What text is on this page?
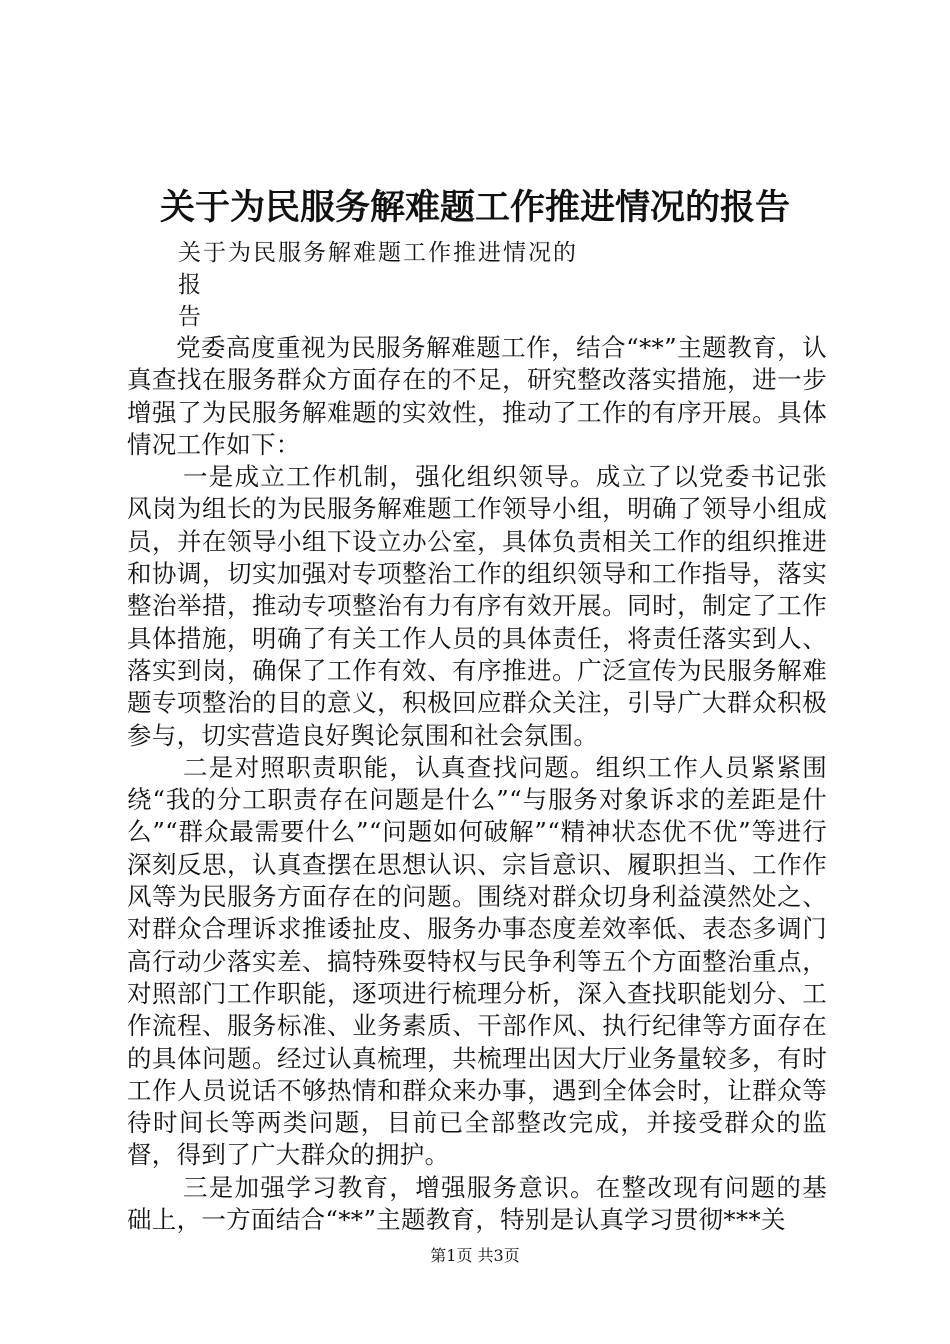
关于为民服务解难题工作推进情况的报告
关于为民服务解难题工作推进情况的
报
告

党委高度重视为民服务解难题工作，结合“**”主题教育，认真查找在服务群众方面存在的不足，研究整改落实措施，进一步增强了为民服务解难题的实效性，推动了工作的有序开展。具体情况工作如下：

一是成立工作机制，强化组织领导。成立了以党委书记张风岗为组长的为民服务解难题工作领导小组，明确了领导小组成员，并在领导小组下设立办公室，具体负责相关工作的组织推进和协调，切实加强对专项整治工作的组织领导和工作指导，落实整治举措，推动专项整治有力有序有效开展。同时，制定了工作具体措施，明确了有关工作人员的具体责任，将责任落实到人、落实到岗，确保了工作有效、有序推进。广泛宣传为民服务解难题专项整治的目的意义，积极回应群众关注，引导广大群众积极参与，切实营造良好舆论氛围和社会氛围。

二是对照职责职能，认真查找问题。组织工作人员紧紧围绕“我的分工职责存在问题是什么”“与服务对象诉求的差距是什么”“群众最需要什么”“问题如何破解”“精神状态优不优”等进行深刻反思，认真查摆在思想认识、宗旨意识、履职担当、工作作风等为民服务方面存在的问题。围绕对群众切身利益漠然处之、对群众合理诉求推诿扯皮、服务办事态度差效率低、表态多调门高行动少落实差、搞特殊耍特权与民争利等五个方面整治重点，对照部门工作职能，逐项进行梳理分析，深入查找职能划分、工作流程、服务标准、业务素质、干部作风、执行纪律等方面存在的具体问题。经过认真梳理，共梳理出因大厅业务量较多，有时工作人员说话不够热情和群众来办事，遇到全体会时，让群众等待时间长等两类问题，目前已全部整改完成，并接受群众的监督，得到了广大群众的拥护。

三是加强学习教育，增强服务意识。在整改现有问题的基础上，一方面结合“**”主题教育，特别是认真学习贯彻***关

第1页 共3页
